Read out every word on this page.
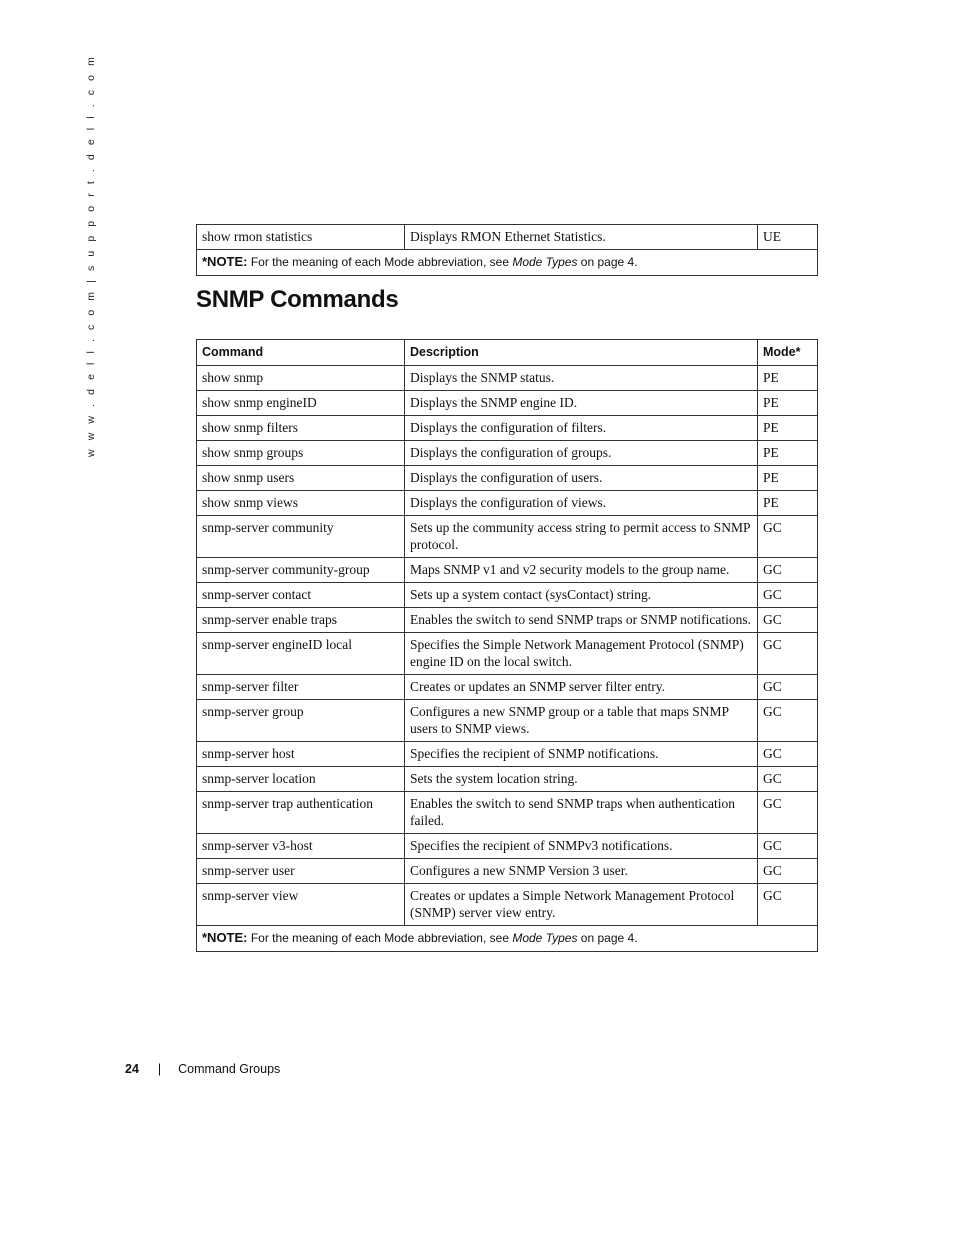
w w w . d e l l . c o m | s u p p o r t . d e l l . c o m	show rmon statistics	Displays RMON Ethernet Statistics.	UE
*NOTE: For the meaning of each Mode abbreviation, see Mode Types on page 4.
SNMP Commands
Command	Description	Mode*
show snmp	Displays the SNMP status.	PE
show snmp engineID	Displays the SNMP engine ID.	PE
show snmp filters	Displays the configuration of filters.	PE
show snmp groups	Displays the configuration of groups.	PE
show snmp users	Displays the configuration of users.	PE
show snmp views	Displays the configuration of views.	PE
snmp-server community	Sets up the community access string to permit access to SNMP protocol.	GC
snmp-server community-group	Maps SNMP v1 and v2 security models to the group name.	GC
snmp-server contact	Sets up a system contact (sysContact) string.	GC
snmp-server enable traps	Enables the switch to send SNMP traps or SNMP notifications.	GC
snmp-server engineID local	Specifies the Simple Network Management Protocol (SNMP) engine ID on the local switch.	GC
snmp-server filter	Creates or updates an SNMP server filter entry.	GC
snmp-server group	Configures a new SNMP group or a table that maps SNMP users to SNMP views.	GC
snmp-server host	Specifies the recipient of SNMP notifications.	GC
snmp-server location	Sets the system location string.	GC
snmp-server trap authentication	Enables the switch to send SNMP traps when authentication failed.	GC
snmp-server v3-host	Specifies the recipient of SNMPv3 notifications.	GC
snmp-server user	Configures a new SNMP Version 3 user.	GC
snmp-server view	Creates or updates a Simple Network Management Protocol (SNMP) server view entry.	GC
*NOTE: For the meaning of each Mode abbreviation, see Mode Types on page 4.		
24 | Command Groups
